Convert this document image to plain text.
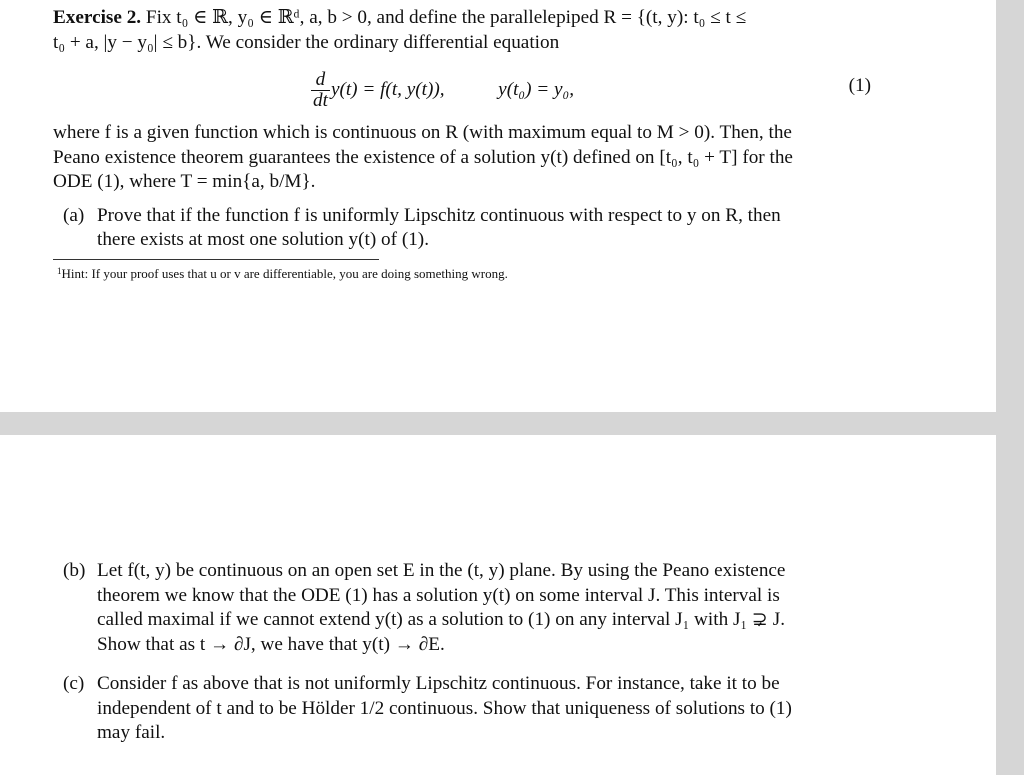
Exercise 2. Fix t₀ ∈ ℝ, y₀ ∈ ℝᵈ, a, b > 0, and define the parallelepiped R = {(t, y): t₀ ≤ t ≤
t₀ + a, |y − y₀| ≤ b}. We consider the ordinary differential equation

$\frac{d}{dt} y(t) = f(t$, y(t)),	y(t₀) = y₀,	(1)

where f is a given function which is continuous on R (with maximum equal to M > 0). Then, the
Peano existence theorem guarantees the existence of a solution y(t) defined on [t₀, t₀ + T] for the
ODE (1), where T = min{a, b/M}.

(a) Prove that if the function f is uniformly Lipschitz continuous with respect to y on R, then
there exists at most one solution y(t) of (1).

$^1$Hint: If your proof uses that u or v are differentiable, you are doing something wrong.

(b) Let f(t, y) be continuous on an open set E in the (t, y) plane. By using the Peano existence
theorem we know that the ODE (1) has a solution y(t) on some interval J. This interval is
called maximal if we cannot extend y(t) as a solution to (1) on any interval J₁ with J₁ ⊋ J.
Show that as t → ∂J, we have that y(t) → ∂E.

(c) Consider f as above that is not uniformly Lipschitz continuous. For instance, take it to be
independent of t and to be Hölder 1/2 continuous. Show that uniqueness of solutions to (1)
may fail.
